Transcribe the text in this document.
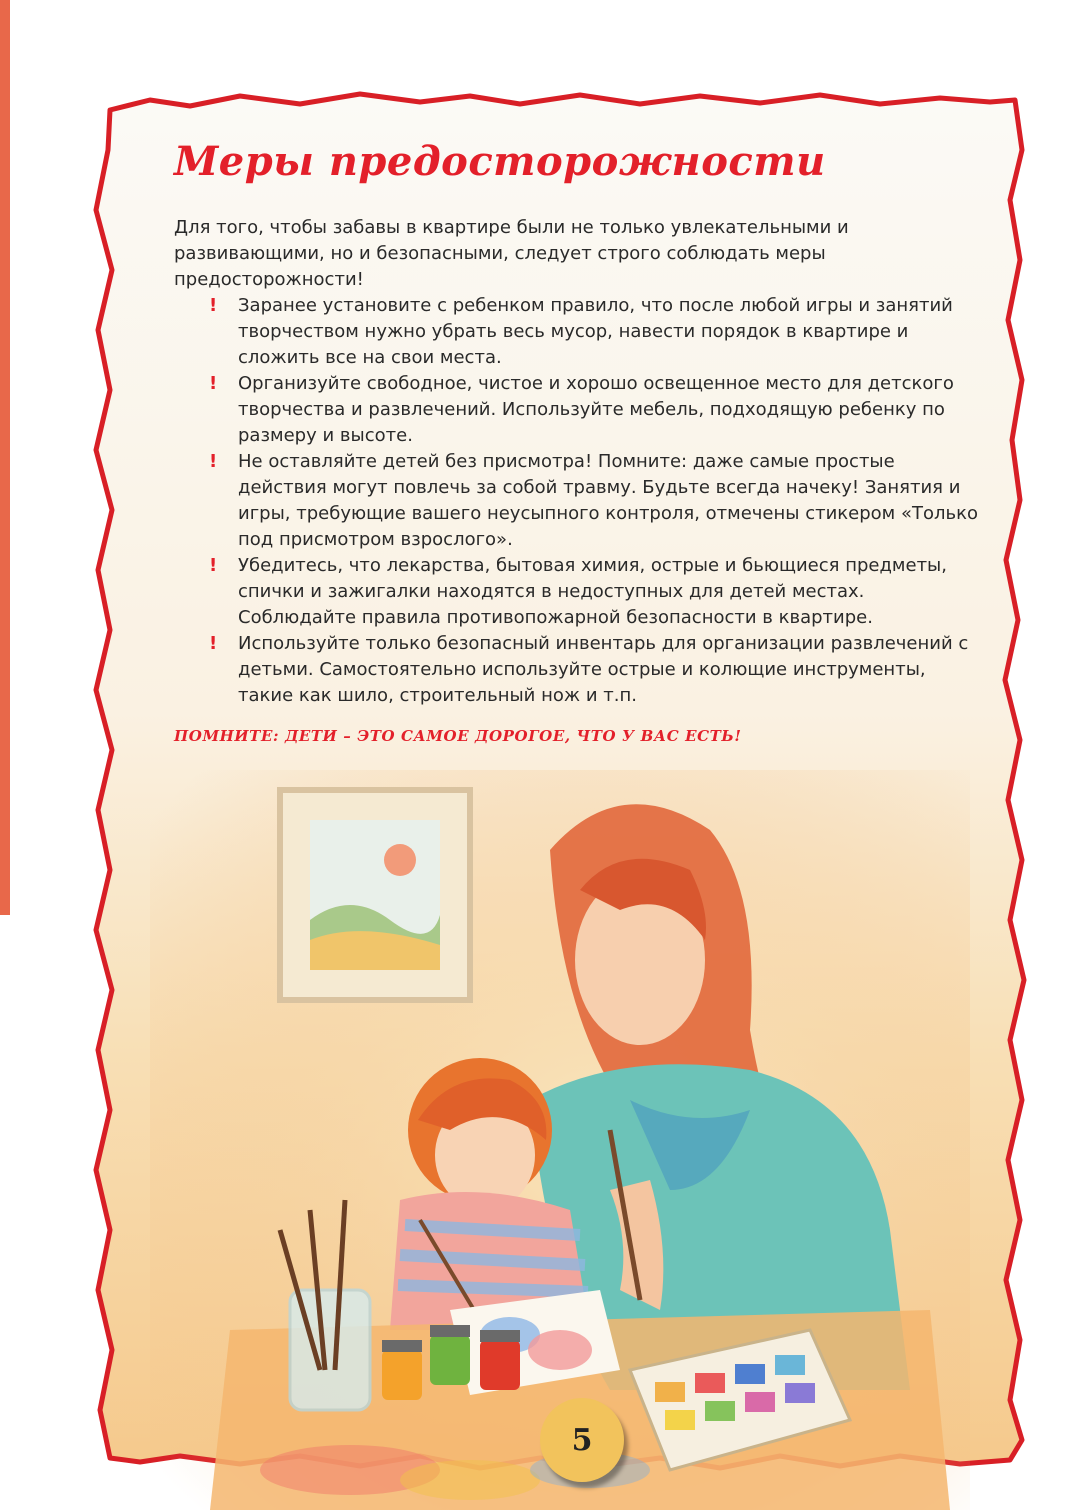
Меры предосторожности

Для того, чтобы забавы в квартире были не только увлекательными и развивающими, но и безопасными, следует строго соблюдать меры предосторожности!

! Заранее установите с ребенком правило, что после любой игры и занятий творчеством нужно убрать весь мусор, навести порядок в квартире и сложить все на свои места.
! Организуйте свободное, чистое и хорошо освещенное место для детского творчества и развлечений. Используйте мебель, подходящую ребенку по размеру и высоте.
! Не оставляйте детей без присмотра! Помните: даже самые простые действия могут повлечь за собой травму. Будьте всегда начеку! Занятия и игры, требующие вашего неусыпного контроля, отмечены стикером «Только под присмотром взрослого».
! Убедитесь, что лекарства, бытовая химия, острые и бьющиеся предметы, спички и зажигалки находятся в недоступных для детей местах. Соблюдайте правила противопожарной безопасности в квартире.
! Используйте только безопасный инвентарь для организации развлечений с детьми. Самостоятельно используйте острые и колющие инструменты, такие как шило, строительный нож и т.п.
ПОМНИТЕ: ДЕТИ – ЭТО САМОЕ ДОРОГОЕ, ЧТО У ВАС ЕСТЬ!
5
